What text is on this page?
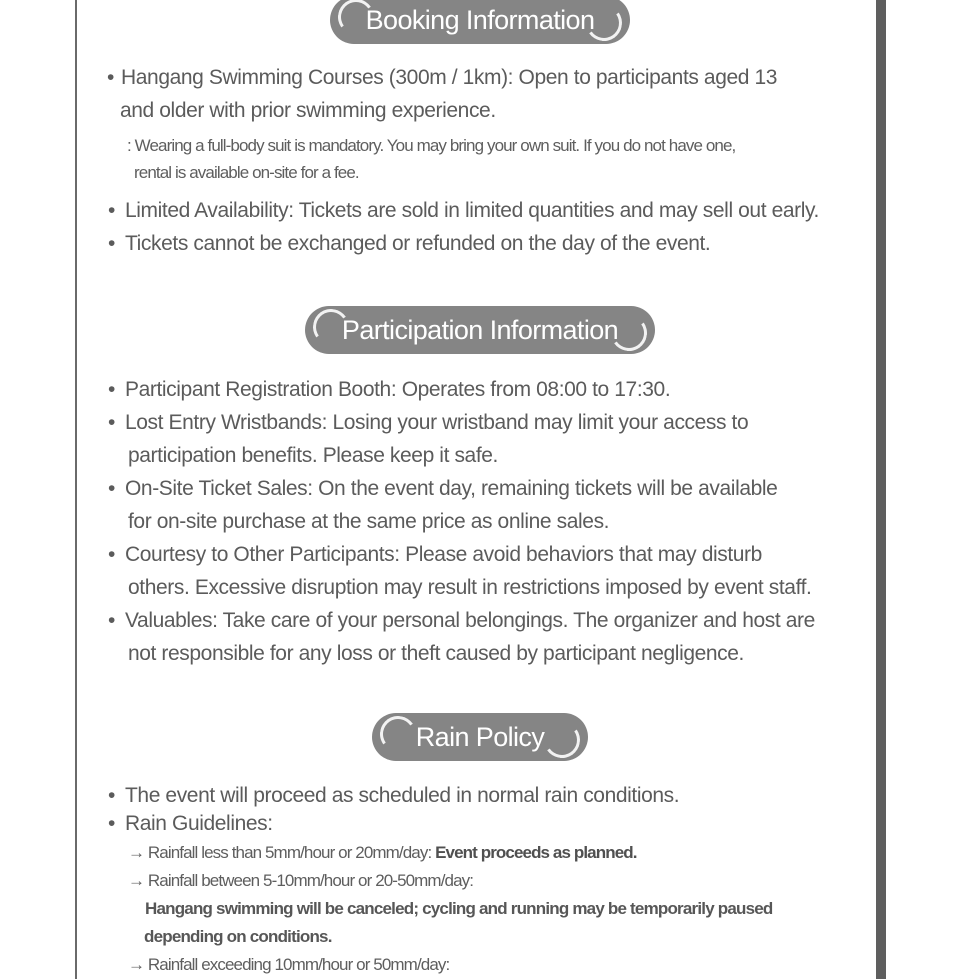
Booking Information
• Hangang Swimming Courses (300m / 1km): Open to participants aged 13
and older with prior swimming experience.
: Wearing a full-body suit is mandatory. You may bring your own suit. If you do not have one,
rental is available on-site for a fee.
• Limited Availability: Tickets are sold in limited quantities and may sell out early.
• Tickets cannot be exchanged or refunded on the day of the event.
Participation Information
• Participant Registration Booth: Operates from 08:00 to 17:30.
• Lost Entry Wristbands: Losing your wristband may limit your access to
participation benefits. Please keep it safe.
• On-Site Ticket Sales: On the event day, remaining tickets will be available
for on-site purchase at the same price as online sales.
• Courtesy to Other Participants: Please avoid behaviors that may disturb
others. Excessive disruption may result in restrictions imposed by event staff.
• Valuables: Take care of your personal belongings. The organizer and host are
not responsible for any loss or theft caused by participant negligence.
Rain Policy
• The event will proceed as scheduled in normal rain conditions.
• Rain Guidelines:
→ Rainfall less than 5mm/hour or 20mm/day: Event proceeds as planned.
→ Rainfall between 5-10mm/hour or 20-50mm/day:
Hangang swimming will be canceled; cycling and running may be temporarily paused
depending on conditions.
→ Rainfall exceeding 10mm/hour or 50mm/day:
